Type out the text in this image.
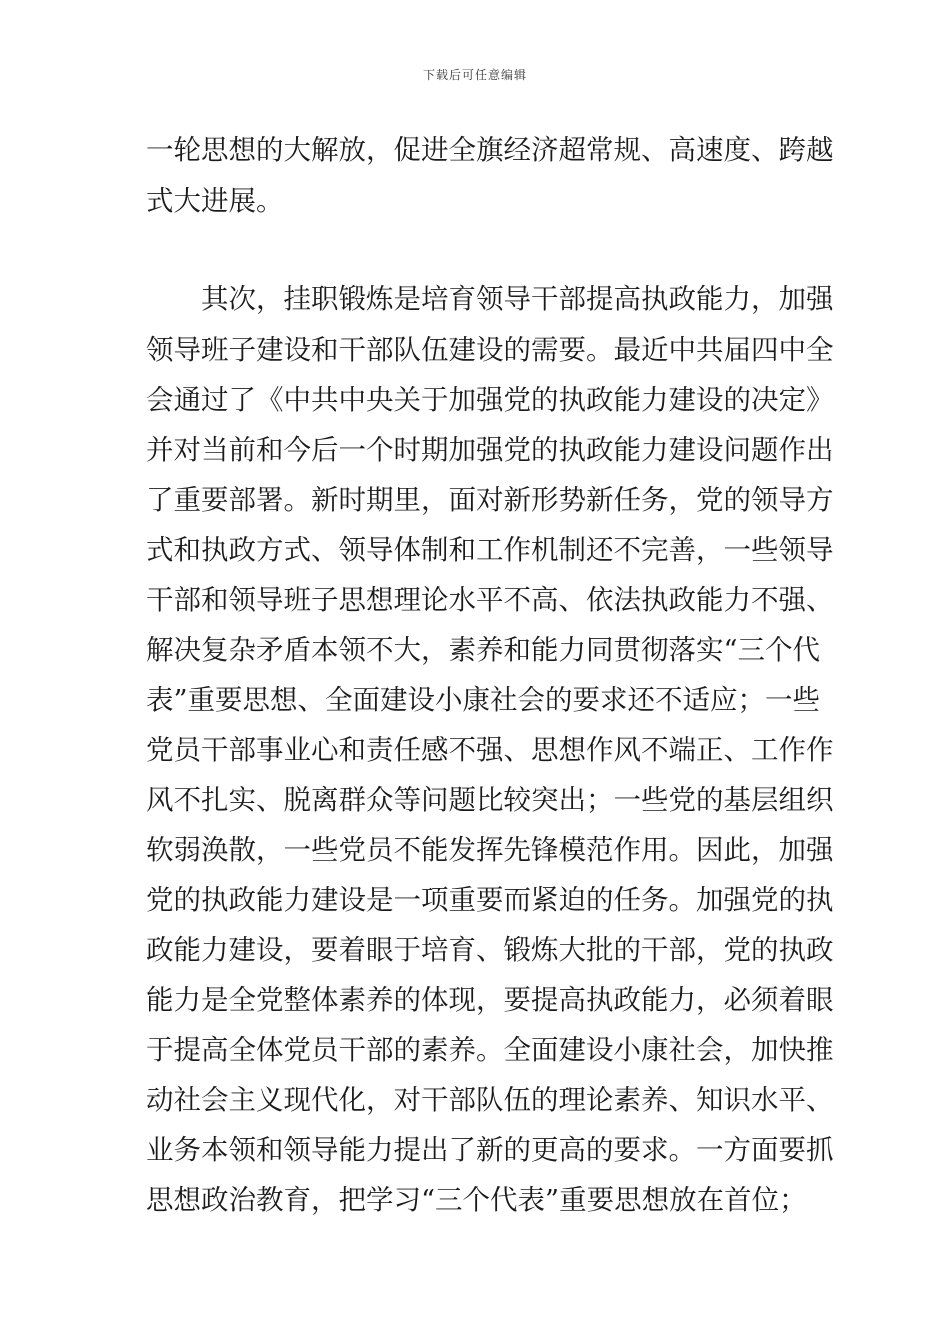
下载后可任意编辑
一轮思想的大解放，促进全旗经济超常规、高速度、跨越
式大进展。
　　其次，挂职锻炼是培育领导干部提高执政能力，加强
领导班子建设和干部队伍建设的需要。最近中共届四中全
会通过了《中共中央关于加强党的执政能力建设的决定》
并对当前和今后一个时期加强党的执政能力建设问题作出
了重要部署。新时期里，面对新形势新任务，党的领导方
式和执政方式、领导体制和工作机制还不完善，一些领导
干部和领导班子思想理论水平不高、依法执政能力不强、
解决复杂矛盾本领不大，素养和能力同贯彻落实“三个代
表”重要思想、全面建设小康社会的要求还不适应；一些
党员干部事业心和责任感不强、思想作风不端正、工作作
风不扎实、脱离群众等问题比较突出；一些党的基层组织
软弱涣散，一些党员不能发挥先锋模范作用。因此，加强
党的执政能力建设是一项重要而紧迫的任务。加强党的执
政能力建设，要着眼于培育、锻炼大批的干部，党的执政
能力是全党整体素养的体现，要提高执政能力，必须着眼
于提高全体党员干部的素养。全面建设小康社会，加快推
动社会主义现代化，对干部队伍的理论素养、知识水平、
业务本领和领导能力提出了新的更高的要求。一方面要抓
思想政治教育，把学习“三个代表”重要思想放在首位；
